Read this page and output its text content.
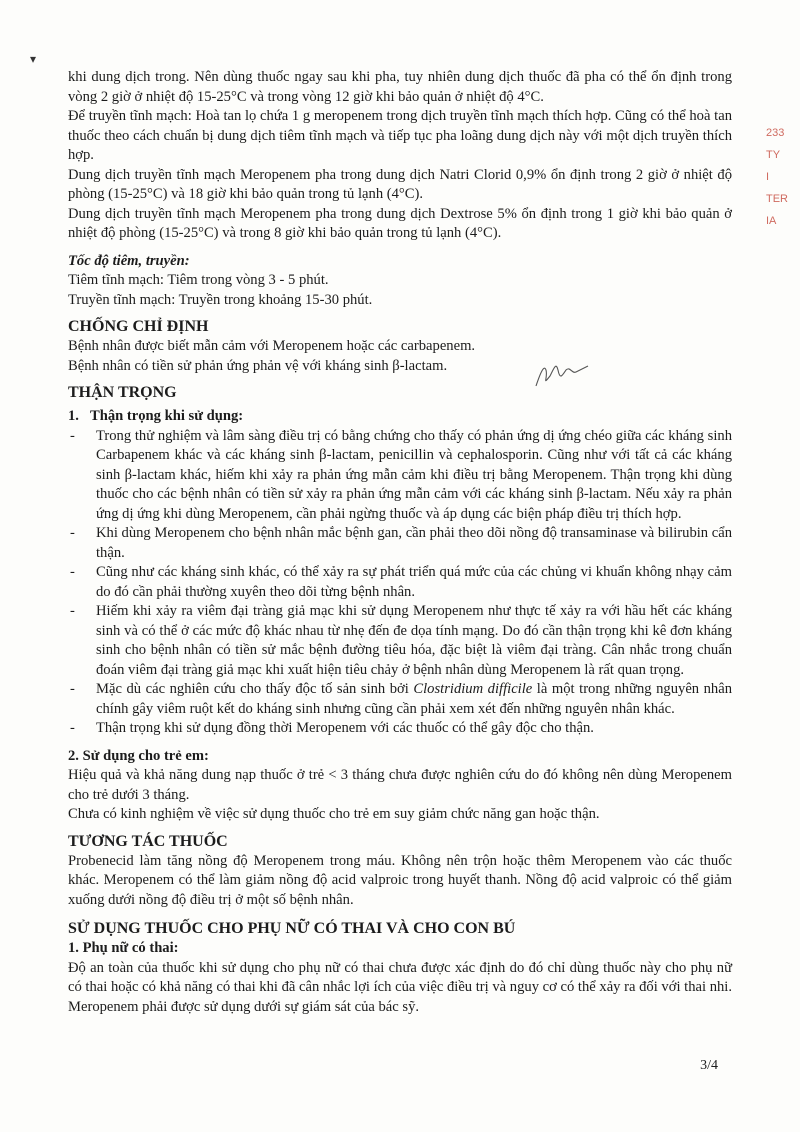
▾
233
TY
I
TER
IA

khi dung dịch trong. Nên dùng thuốc ngay sau khi pha, tuy nhiên dung dịch thuốc đã pha có thể ổn định trong vòng 2 giờ ở nhiệt độ 15-25°C và trong vòng 12 giờ khi bảo quản ở nhiệt độ 4°C.

Để truyền tĩnh mạch: Hoà tan lọ chứa 1 g meropenem trong dịch truyền tĩnh mạch thích hợp. Cũng có thể hoà tan thuốc theo cách chuẩn bị dung dịch tiêm tĩnh mạch và tiếp tục pha loãng dung dịch này với một dịch truyền thích hợp.

Dung dịch truyền tĩnh mạch Meropenem pha trong dung dịch Natri Clorid 0,9% ổn định trong 2 giờ ở nhiệt độ phòng (15-25°C) và 18 giờ khi bảo quản trong tủ lạnh (4°C).

Dung dịch truyền tĩnh mạch Meropenem pha trong dung dịch Dextrose 5% ổn định trong 1 giờ khi bảo quản ở nhiệt độ phòng (15-25°C) và trong 8 giờ khi bảo quản trong tủ lạnh (4°C).

Tốc độ tiêm, truyền:

Tiêm tĩnh mạch: Tiêm trong vòng 3 - 5 phút.

Truyền tĩnh mạch: Truyền trong khoảng 15-30 phút.

CHỐNG CHỈ ĐỊNH

Bệnh nhân được biết mẫn cảm với Meropenem hoặc các carbapenem.

Bệnh nhân có tiền sử phản ứng phản vệ với kháng sinh β-lactam.

THẬN TRỌNG

1. Thận trọng khi sử dụng:

- Trong thử nghiệm và lâm sàng điều trị có bằng chứng cho thấy có phản ứng dị ứng chéo giữa các kháng sinh Carbapenem khác và các kháng sinh β-lactam, penicillin và cephalosporin. Cũng như với tất cả các kháng sinh β-lactam khác, hiếm khi xảy ra phản ứng mẫn cảm khi điều trị bằng Meropenem. Thận trọng khi dùng thuốc cho các bệnh nhân có tiền sử xảy ra phản ứng mẫn cảm với các kháng sinh β-lactam. Nếu xảy ra phản ứng dị ứng khi dùng Meropenem, cần phải ngừng thuốc và áp dụng các biện pháp điều trị thích hợp.
- Khi dùng Meropenem cho bệnh nhân mắc bệnh gan, cần phải theo dõi nồng độ transaminase và bilirubin cẩn thận.
- Cũng như các kháng sinh khác, có thể xảy ra sự phát triển quá mức của các chủng vi khuẩn không nhạy cảm do đó cần phải thường xuyên theo dõi từng bệnh nhân.
- Hiếm khi xảy ra viêm đại tràng giả mạc khi sử dụng Meropenem như thực tế xảy ra với hầu hết các kháng sinh và có thể ở các mức độ khác nhau từ nhẹ đến đe dọa tính mạng. Do đó cần thận trọng khi kê đơn kháng sinh cho bệnh nhân có tiền sử mắc bệnh đường tiêu hóa, đặc biệt là viêm đại tràng. Cân nhắc trong chuẩn đoán viêm đại tràng giả mạc khi xuất hiện tiêu chảy ở bệnh nhân dùng Meropenem là rất quan trọng.
- Mặc dù các nghiên cứu cho thấy độc tố sản sinh bởi Clostridium difficile là một trong những nguyên nhân chính gây viêm ruột kết do kháng sinh nhưng cũng cần phải xem xét đến những nguyên nhân khác.
- Thận trọng khi sử dụng đồng thời Meropenem với các thuốc có thể gây độc cho thận.

2. Sử dụng cho trẻ em:

Hiệu quả và khả năng dung nạp thuốc ở trẻ < 3 tháng chưa được nghiên cứu do đó không nên dùng Meropenem cho trẻ dưới 3 tháng.

Chưa có kinh nghiệm về việc sử dụng thuốc cho trẻ em suy giảm chức năng gan hoặc thận.

TƯƠNG TÁC THUỐC

Probenecid làm tăng nồng độ Meropenem trong máu. Không nên trộn hoặc thêm Meropenem vào các thuốc khác. Meropenem có thể làm giảm nồng độ acid valproic trong huyết thanh. Nồng độ acid valproic có thể giảm xuống dưới nồng độ điều trị ở một số bệnh nhân.

SỬ DỤNG THUỐC CHO PHỤ NỮ CÓ THAI VÀ CHO CON BÚ

1. Phụ nữ có thai:

Độ an toàn của thuốc khi sử dụng cho phụ nữ có thai chưa được xác định do đó chỉ dùng thuốc này cho phụ nữ có thai hoặc có khả năng có thai khi đã cân nhắc lợi ích của việc điều trị và nguy cơ có thể xảy ra đối với thai nhi. Meropenem phải được sử dụng dưới sự giám sát của bác sỹ.

3/4
